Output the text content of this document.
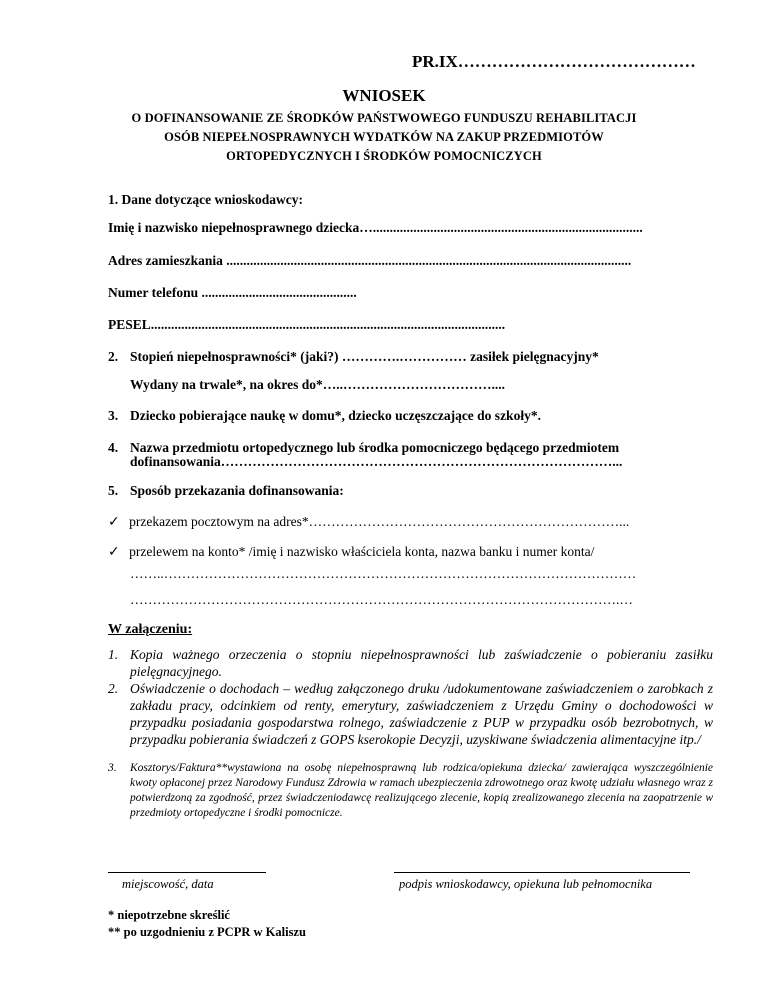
PR.IX……………………………………
WNIOSEK
O DOFINANSOWANIE ZE ŚRODKÓW PAŃSTWOWEGO FUNDUSZU REHABILITACJI
OSÓB NIEPEŁNOSPRAWNYCH WYDATKÓW NA ZAKUP PRZEDMIOTÓW
ORTOPEDYCZNYCH I ŚRODKÓW POMOCNICZYCH
1. Dane dotyczące wnioskodawcy:
Imię i nazwisko niepełnosprawnego dziecka…................................................................................
Adres zamieszkania ........................................................................................................................
Numer telefonu ..............................................
PESEL.........................................................................................................
2. Stopień niepełnosprawności* (jaki?) ………….…………… zasiłek pielęgnacyjny*
Wydany na trwale*, na okres do*…..……………………………....
3. Dziecko pobierające naukę w domu*, dziecko uczęszczające do szkoły*.
4. Nazwa przedmiotu ortopedycznego lub środka pomocniczego będącego przedmiotem
dofinansowania……………………………………………………………………………...
5. Sposób przekazania dofinansowania:
✓ przekazem pocztowym na adres*……………………………………………………………...
✓ przelewem na konto* /imię i nazwisko właściciela konta, nazwa banku i numer konta/
……..……………………………………………………………………………………………
……………………………………………………………………………………………….…
W załączeniu:
1. Kopia ważnego orzeczenia o stopniu niepełnosprawności lub zaświadczenie o pobieraniu zasiłku pielęgnacyjnego.
2. Oświadczenie o dochodach – według załączonego druku /udokumentowane zaświadczeniem o zarobkach z zakładu pracy, odcinkiem od renty, emerytury, zaświadczeniem z Urzędu Gminy o dochodowości w przypadku posiadania gospodarstwa rolnego, zaświadczenie z PUP w przypadku osób bezrobotnych, w przypadku pobierania świadczeń z GOPS kserokopie Decyzji, uzyskiwane świadczenia alimentacyjne itp./
3. Kosztorys/Faktura**wystawiona na osobę niepełnosprawną lub rodzica/opiekuna dziecka/ zawierająca wyszczególnienie kwoty opłaconej przez Narodowy Fundusz Zdrowia w ramach ubezpieczenia zdrowotnego oraz kwotę udziału własnego wraz z potwierdzoną za zgodność, przez świadczeniodawcę realizującego zlecenie, kopią zrealizowanego zlecenia na zaopatrzenie w przedmioty ortopedyczne i środki pomocnicze.
miejscowość, data	podpis wnioskodawcy, opiekuna lub pełnomocnika
* niepotrzebne skreślić
** po uzgodnieniu z PCPR w Kaliszu
